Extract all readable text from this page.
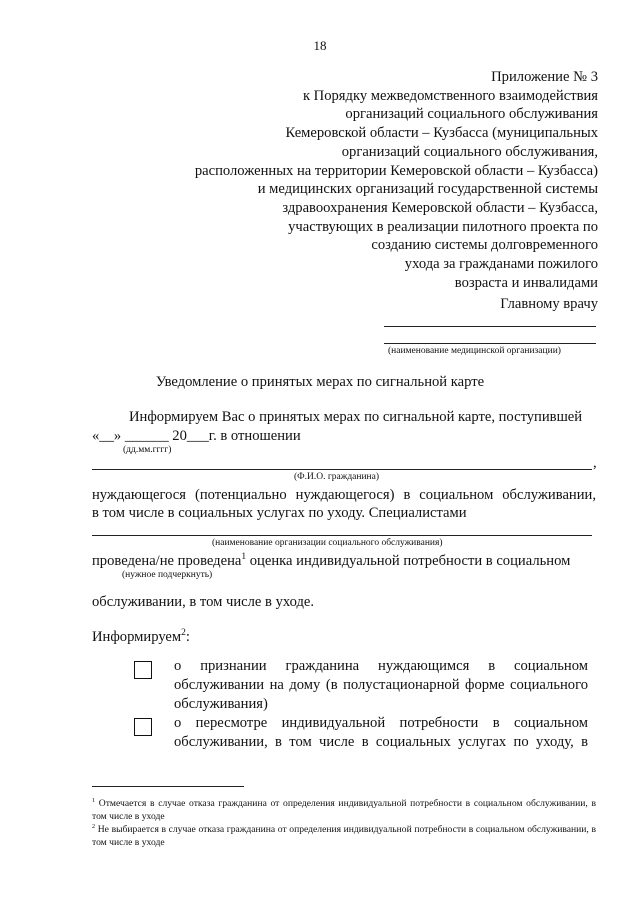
18
Приложение № 3
к Порядку межведомственного взаимодействия
организаций социального обслуживания
Кемеровской области – Кузбасса (муниципальных
организаций социального обслуживания,
расположенных на территории Кемеровской области – Кузбасса)
и медицинских организаций государственной системы
здравоохранения Кемеровской области – Кузбасса,
участвующих в реализации пилотного проекта по
созданию системы долговременного
ухода за гражданами пожилого
возраста и инвалидами
Главному врачу
(наименование медицинской организации)
Уведомление о принятых мерах по сигнальной карте
Информируем Вас о принятых мерах по сигнальной карте, поступившей
«__» ______ 20___г. в отношении
(дд.мм.гггг)
,
(Ф.И.О. гражданина)
нуждающегося (потенциально нуждающегося) в социальном обслуживании,
в том числе в социальных услугах по уходу. Специалистами
(наименование организации социального обслуживания)
проведена/не проведена$^1$ оценка индивидуальной потребности в социальном
(нужное подчеркнуть)
обслуживании, в том числе в уходе.
Информируем$^2$:
о признании гражданина нуждающимся в социальном
обслуживании на дому (в полустационарной форме социального
обслуживания)
о пересмотре индивидуальной потребности в социальном
обслуживании, в том числе в социальных услугах по уходу, в
$^1$ Отмечается в случае отказа гражданина от определения индивидуальной потребности в социальном обслуживании, в том числе в уходе
$^2$ Не выбирается в случае отказа гражданина от определения индивидуальной потребности в социальном обслуживании, в том числе в уходе
